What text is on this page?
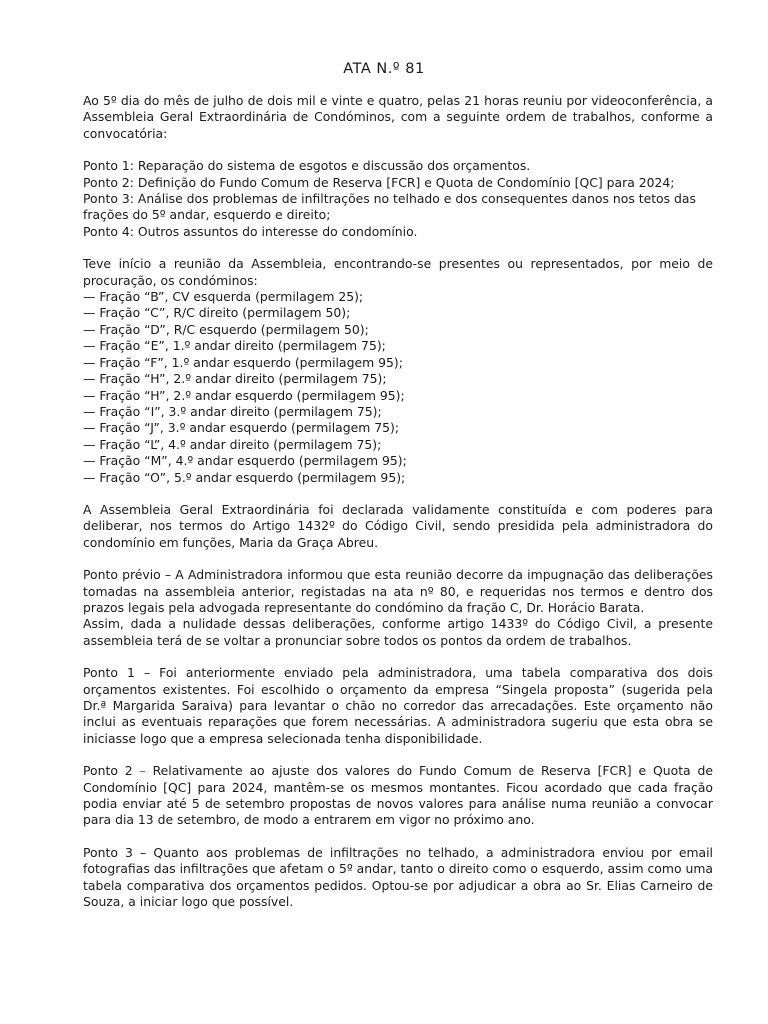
ATA N.º 81

Ao 5º dia do mês de julho de dois mil e vinte e quatro, pelas 21 horas reuniu por videoconferência, a Assembleia Geral Extraordinária de Condóminos, com a seguinte ordem de trabalhos, conforme a convocatória:

Ponto 1: Reparação do sistema de esgotos e discussão dos orçamentos.

Ponto 2: Definição do Fundo Comum de Reserva [FCR] e Quota de Condomínio [QC] para 2024;

Ponto 3: Análise dos problemas de infiltrações no telhado e dos consequentes danos nos tetos das frações do 5º andar, esquerdo e direito;

Ponto 4: Outros assuntos do interesse do condomínio.

Teve início a reunião da Assembleia, encontrando-se presentes ou representados, por meio de procuração, os condóminos:

— Fração “B”, CV esquerda (permilagem 25);

— Fração “C”, R/C direito (permilagem 50);

— Fração “D”, R/C esquerdo (permilagem 50);

— Fração “E”, 1.º andar direito (permilagem 75);

— Fração “F”, 1.º andar esquerdo (permilagem 95);

— Fração “H”, 2.º andar direito (permilagem 75);

— Fração “H”, 2.º andar esquerdo (permilagem 95);

— Fração “I”, 3.º andar direito (permilagem 75);

— Fração “J”, 3.º andar esquerdo (permilagem 75);

— Fração “L”, 4.º andar direito (permilagem 75);

— Fração “M”, 4.º andar esquerdo (permilagem 95);

— Fração “O”, 5.º andar esquerdo (permilagem 95);

A Assembleia Geral Extraordinária foi declarada validamente constituída e com poderes para deliberar, nos termos do Artigo 1432º do Código Civil, sendo presidida pela administradora do condomínio em funções, Maria da Graça Abreu.

Ponto prévio – A Administradora informou que esta reunião decorre da impugnação das deliberações tomadas na assembleia anterior, registadas na ata nº 80, e requeridas nos termos e dentro dos prazos legais pela advogada representante do condómino da fração C, Dr. Horácio Barata.

Assim, dada a nulidade dessas deliberações, conforme artigo 1433º do Código Civil, a presente assembleia terá de se voltar a pronunciar sobre todos os pontos da ordem de trabalhos.

Ponto 1 – Foi anteriormente enviado pela administradora, uma tabela comparativa dos dois orçamentos existentes. Foi escolhido o orçamento da empresa “Singela proposta” (sugerida pela Dr.ª Margarida Saraiva) para levantar o chão no corredor das arrecadações. Este orçamento não inclui as eventuais reparações que forem necessárias. A administradora sugeriu que esta obra se iniciasse logo que a empresa selecionada tenha disponibilidade.

Ponto 2 – Relativamente ao ajuste dos valores do Fundo Comum de Reserva [FCR] e Quota de Condomínio [QC] para 2024, mantêm-se os mesmos montantes. Ficou acordado que cada fração podia enviar até 5 de setembro propostas de novos valores para análise numa reunião a convocar para dia 13 de setembro, de modo a entrarem em vigor no próximo ano.

Ponto 3 – Quanto aos problemas de infiltrações no telhado, a administradora enviou por email fotografias das infiltrações que afetam o 5º andar, tanto o direito como o esquerdo, assim como uma tabela comparativa dos orçamentos pedidos. Optou-se por adjudicar a obra ao Sr. Elias Carneiro de Souza, a iniciar logo que possível.
